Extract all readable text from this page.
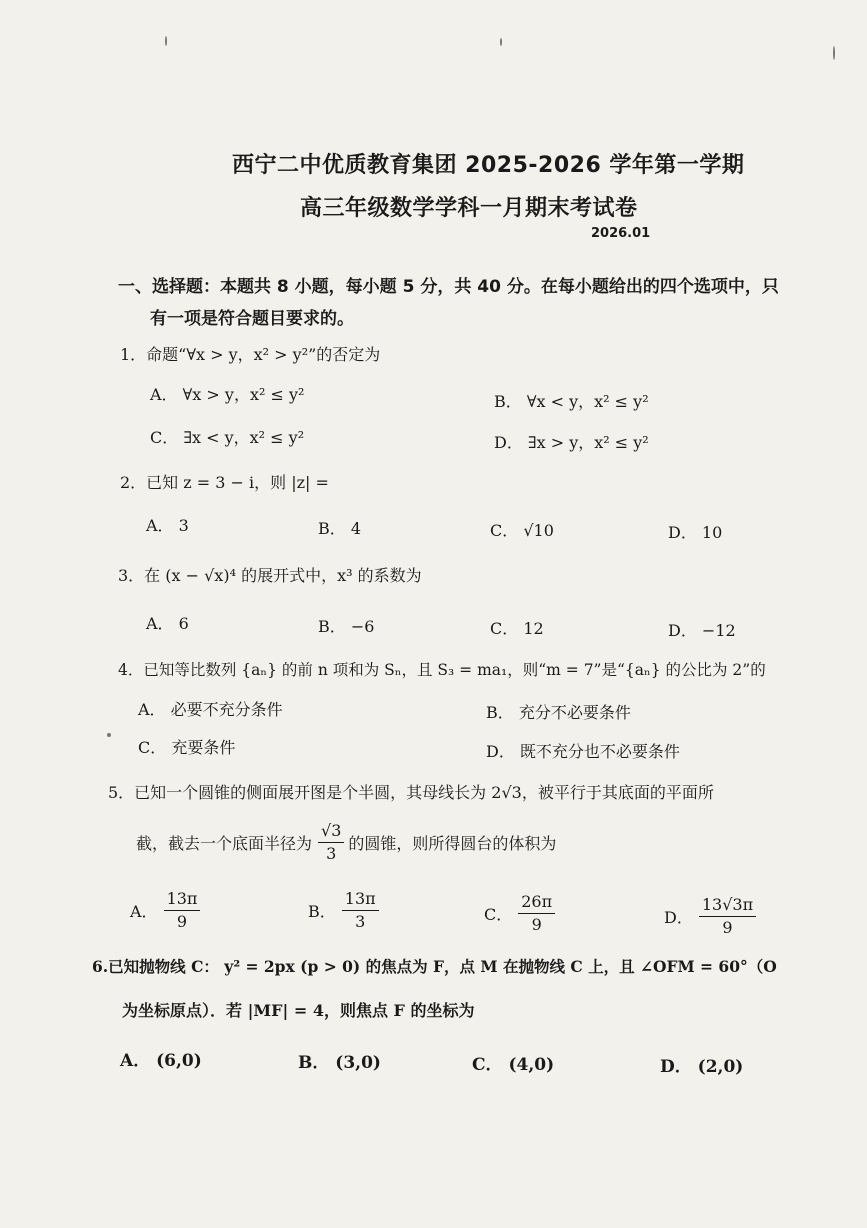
西宁二中优质教育集团 2025-2026 学年第一学期
高三年级数学学科一月期末考试卷
2026.01
一、选择题：本题共 8 小题，每小题 5 分，共 40 分。在每小题给出的四个选项中，只
有一项是符合题目要求的。
1．命题“∀x > y，x² > y²”的否定为
A． ∀x > y，x² ≤ y²	B． ∀x < y，x² ≤ y²
C． ∃x < y，x² ≤ y²	D． ∃x > y，x² ≤ y²
2．已知 z = 3 − i，则 |z| =
A． 3	B． 4	C． √10	D． 10
3．在 (x − √x)⁴ 的展开式中，x³ 的系数为
A． 6	B． −6	C． 12	D． −12
4．已知等比数列 {aₙ} 的前 n 项和为 Sₙ，且 S₃ = ma₁，则“m = 7”是“{aₙ} 的公比为 2”的
A． 必要不充分条件	B． 充分不必要条件
C． 充要条件	D． 既不充分也不必要条件
5．已知一个圆锥的侧面展开图是个半圆，其母线长为 2√3，被平行于其底面的平面所
截，截去一个底面半径为 $\frac{√3}{3}$ 的圆锥，则所得圆台的体积为
A． $\frac{13\pi}{9}$	B． $\frac{13\pi}{3}$	C． $\frac{26\pi}{9}$	D． $\frac{13√3\pi}{9}$
6.已知抛物线 C： y² = 2px (p > 0) 的焦点为 F，点 M 在抛物线 C 上，且 ∠OFM = 60°（O
为坐标原点）．若 |MF| = 4，则焦点 F 的坐标为
A． (6,0)	B． (3,0)	C． (4,0)	D． (2,0)
